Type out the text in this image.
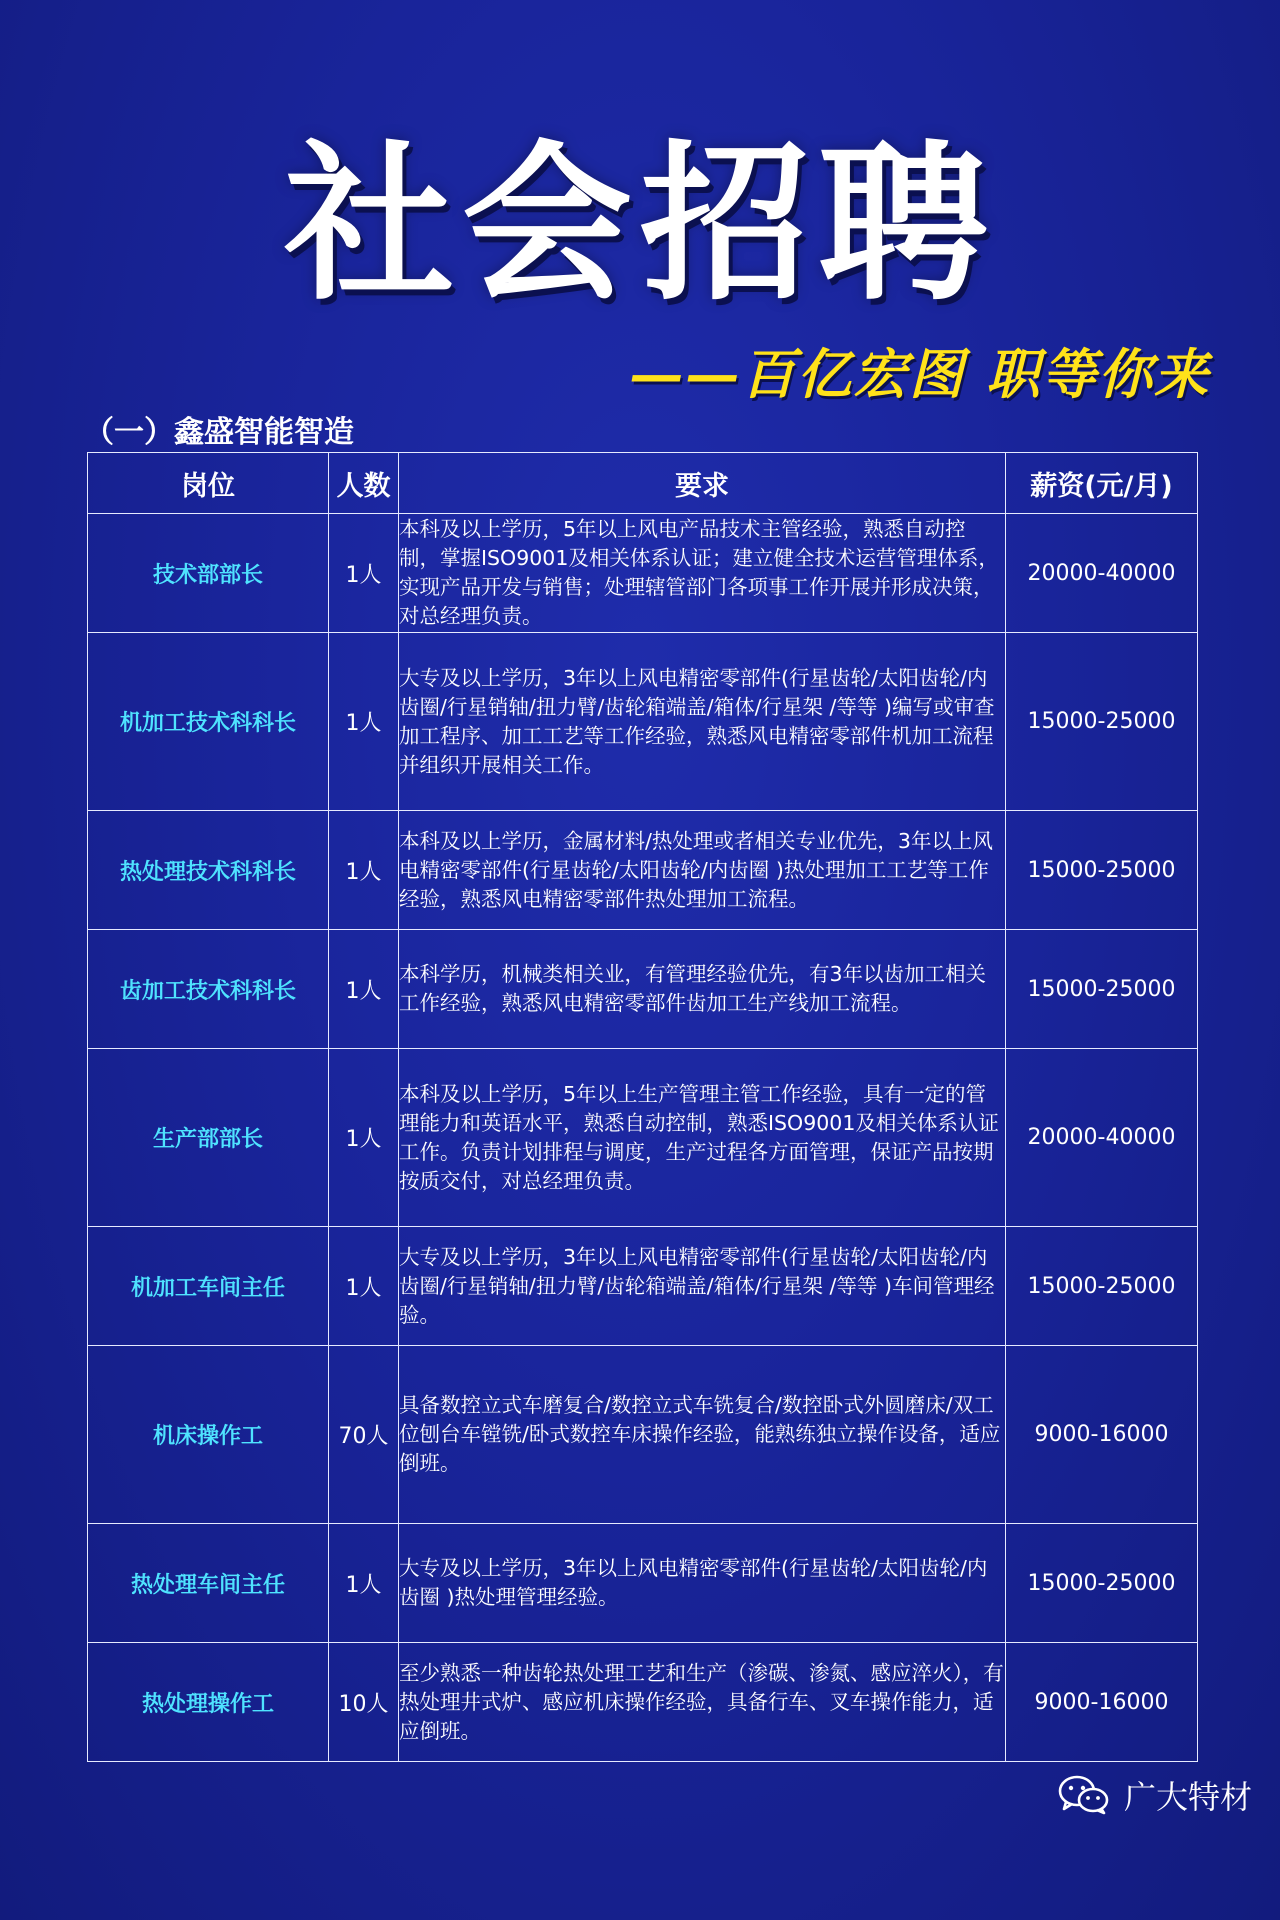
社会招聘
——百亿宏图 职等你来
（一）鑫盛智能智造
岗位	人数	要求	薪资(元/月)
技术部部长	1人	本科及以上学历，5年以上风电产品技术主管经验，熟悉自动控制，掌握ISO9001及相关体系认证；建立健全技术运营管理体系，实现产品开发与销售；处理辖管部门各项事工作开展并形成决策，对总经理负责。	20000-40000
机加工技术科科长	1人	大专及以上学历，3年以上风电精密零部件(行星齿轮/太阳齿轮/内齿圈/行星销轴/扭力臂/齿轮箱端盖/箱体/行星架 /等等 )编写或审查加工程序、加工工艺等工作经验，熟悉风电精密零部件机加工流程并组织开展相关工作。	15000-25000
热处理技术科科长	1人	本科及以上学历，金属材料/热处理或者相关专业优先，3年以上风电精密零部件(行星齿轮/太阳齿轮/内齿圈 )热处理加工工艺等工作经验，熟悉风电精密零部件热处理加工流程。	15000-25000
齿加工技术科科长	1人	本科学历，机械类相关业，有管理经验优先，有3年以齿加工相关工作经验，熟悉风电精密零部件齿加工生产线加工流程。	15000-25000
生产部部长	1人	本科及以上学历，5年以上生产管理主管工作经验，具有一定的管理能力和英语水平，熟悉自动控制，熟悉ISO9001及相关体系认证工作。负责计划排程与调度，生产过程各方面管理，保证产品按期按质交付，对总经理负责。	20000-40000
机加工车间主任	1人	大专及以上学历，3年以上风电精密零部件(行星齿轮/太阳齿轮/内齿圈/行星销轴/扭力臂/齿轮箱端盖/箱体/行星架 /等等 )车间管理经验。	15000-25000
机床操作工	70人	具备数控立式车磨复合/数控立式车铣复合/数控卧式外圆磨床/双工位刨台车镗铣/卧式数控车床操作经验，能熟练独立操作设备，适应倒班。	9000-16000
热处理车间主任	1人	大专及以上学历，3年以上风电精密零部件(行星齿轮/太阳齿轮/内齿圈 )热处理管理经验。	15000-25000
热处理操作工	10人	至少熟悉一种齿轮热处理工艺和生产（渗碳、渗氮、感应淬火），有热处理井式炉、感应机床操作经验，具备行车、叉车操作能力，适应倒班。	9000-16000
广大特材
